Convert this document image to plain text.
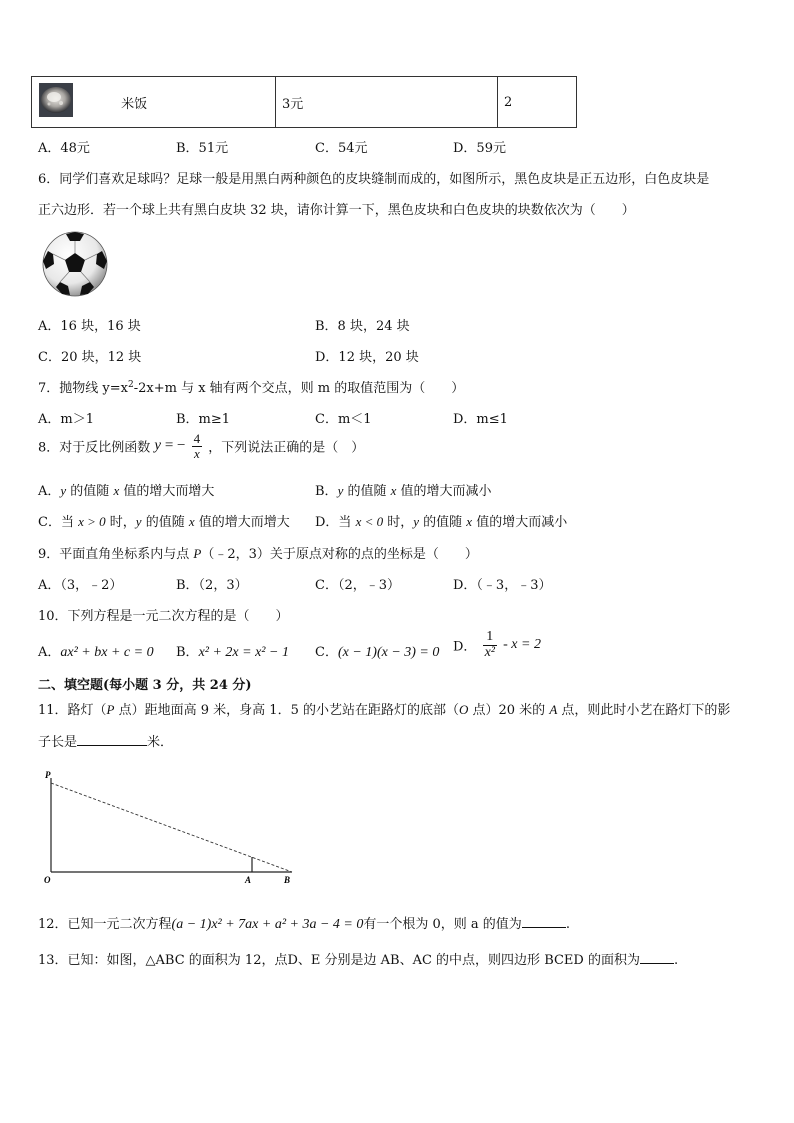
米饭	3元	2
A．48元	B．51元	C．54元	D．59元
6．同学们喜欢足球吗？足球一般是用黑白两种颜色的皮块缝制而成的，如图所示，黑色皮块是正五边形，白色皮块是
正六边形．若一个球上共有黑白皮块 32 块，请你计算一下，黑色皮块和白色皮块的块数依次为（　　）
A．16 块，16 块	B．8 块，24 块
C．20 块，12 块	D．12 块，20 块
7．抛物线 $y=x^2-2x+m$ 与 x 轴有两个交点，则 m 的取值范围为（　　）
A．m＞1	B．m≥1	C．m＜1	D．m≤1
8．对于反比例函数 y = − $\frac{4}{x}$ ，下列说法正确的是（　）
A．y 的值随 x 值的增大而增大	B．y 的值随 x 值的增大而减小
C．当 x > 0 时，y 的值随 x 值的增大而增大 D．当 x < 0 时，y 的值随 x 值的增大而减小
9．平面直角坐标系内与点 P（﹣2，3）关于原点对称的点的坐标是（　　）
A．（3，﹣2）	B．（2，3）	C．（2，﹣3）	D．（﹣3，﹣3）
10．下列方程是一元二次方程的是（　　）
A．ax² + bx + c = 0 B．x² + 2x = x² − 1 C．(x − 1)(x − 3) = 0 D． $\frac{1}{\text{x²}} - x = 2$
二、填空题(每小题 3 分，共 24 分)
11．路灯（P 点）距地面高 9 米，身高 1．5 的小艺站在距路灯的底部（O 点）20 米的 A 点，则此时小艺在路灯下的影
子长是	米．
P
O	A	B
12．已知一元二次方程(a − 1)x² + 7ax + a² + 3a − 4 = 0有一个根为 0，则 a 的值为	.
13．已知：如图，△ABC 的面积为 12，点D、E 分别是边 AB、AC 的中点，则四边形 BCED 的面积为	.
